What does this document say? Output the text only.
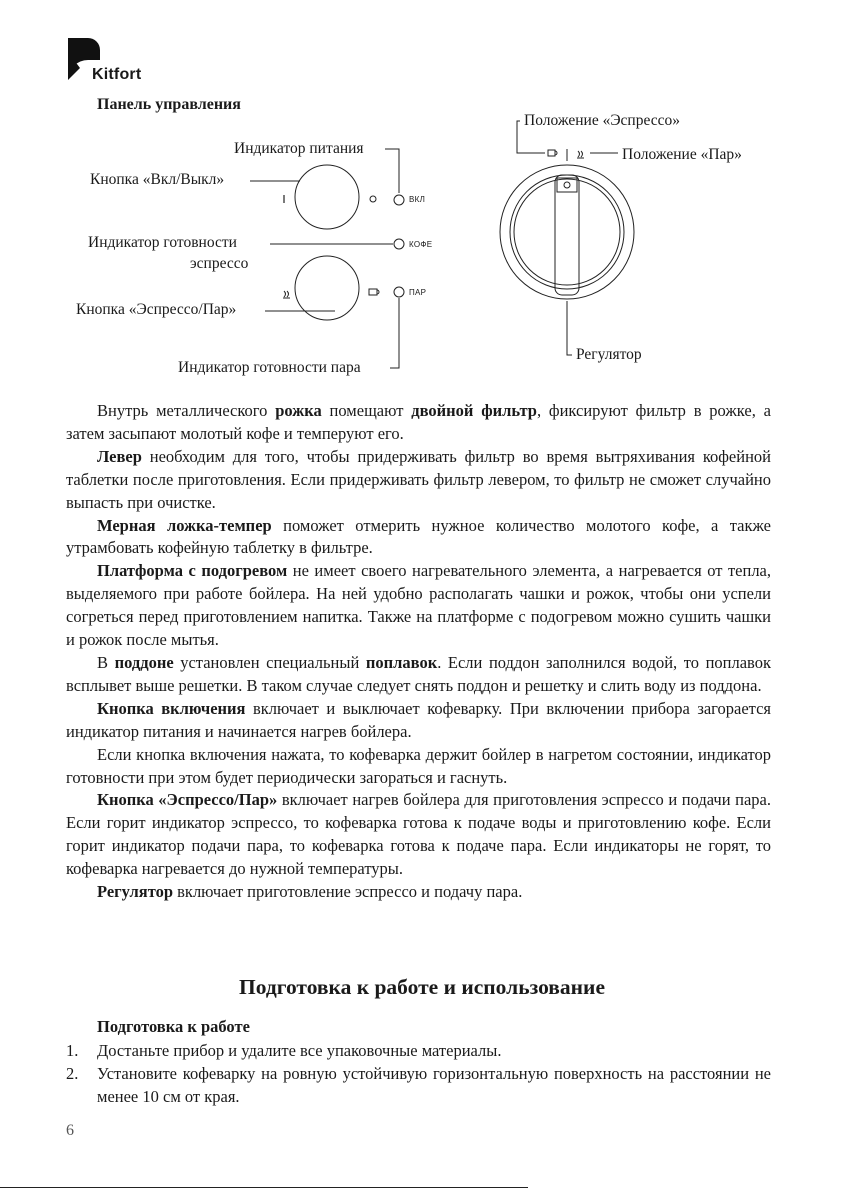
Kitfort
Панель управления
Индикатор питания
Кнопка «Вкл/Выкл»
Индикатор готовности
эспрессо
Кнопка «Эспрессо/Пар»
Индикатор готовности пара
Положение «Эспрессо»
Положение «Пар»
Регулятор
ВКЛ
КОФЕ
ПАР

Внутрь металлического рожка помещают двойной фильтр, фиксируют фильтр в рожке, а затем засыпают молотый кофе и темперуют его.

Левер необходим для того, чтобы придерживать фильтр во время вытряхивания кофейной таблетки после приготовления. Если придерживать фильтр левером, то фильтр не сможет случайно выпасть при очистке.

Мерная ложка-темпер поможет отмерить нужное количество молотого кофе, а также утрамбовать кофейную таблетку в фильтре.

Платформа с подогревом не имеет своего нагревательного элемента, а нагревается от тепла, выделяемого при работе бойлера. На ней удобно располагать чашки и рожок, чтобы они успели согреться перед приготовлением напитка. Также на платформе с подогревом можно сушить чашки и рожок после мытья.

В поддоне установлен специальный поплавок. Если поддон заполнился водой, то поплавок всплывет выше решетки. В таком случае следует снять поддон и решетку и слить воду из поддона.

Кнопка включения включает и выключает кофеварку. При включении прибора загорается индикатор питания и начинается нагрев бойлера.

Если кнопка включения нажата, то кофеварка держит бойлер в нагретом состоянии, индикатор готовности при этом будет периодически загораться и гаснуть.

Кнопка «Эспрессо/Пар» включает нагрев бойлера для приготовления эспрессо и подачи пара. Если горит индикатор эспрессо, то кофеварка готова к подаче воды и приготовлению кофе. Если горит индикатор подачи пара, то кофеварка готова к подаче пара. Если индикаторы не горят, то кофеварка нагревается до нужной температуры.

Регулятор включает приготовление эспрессо и подачу пара.

Подготовка к работе и использование
Подготовка к работе
1.	Достаньте прибор и удалите все упаковочные материалы.
2.	Установите кофеварку на ровную устойчивую горизонтальную поверхность на расстоянии не менее 10 см от края.
6
